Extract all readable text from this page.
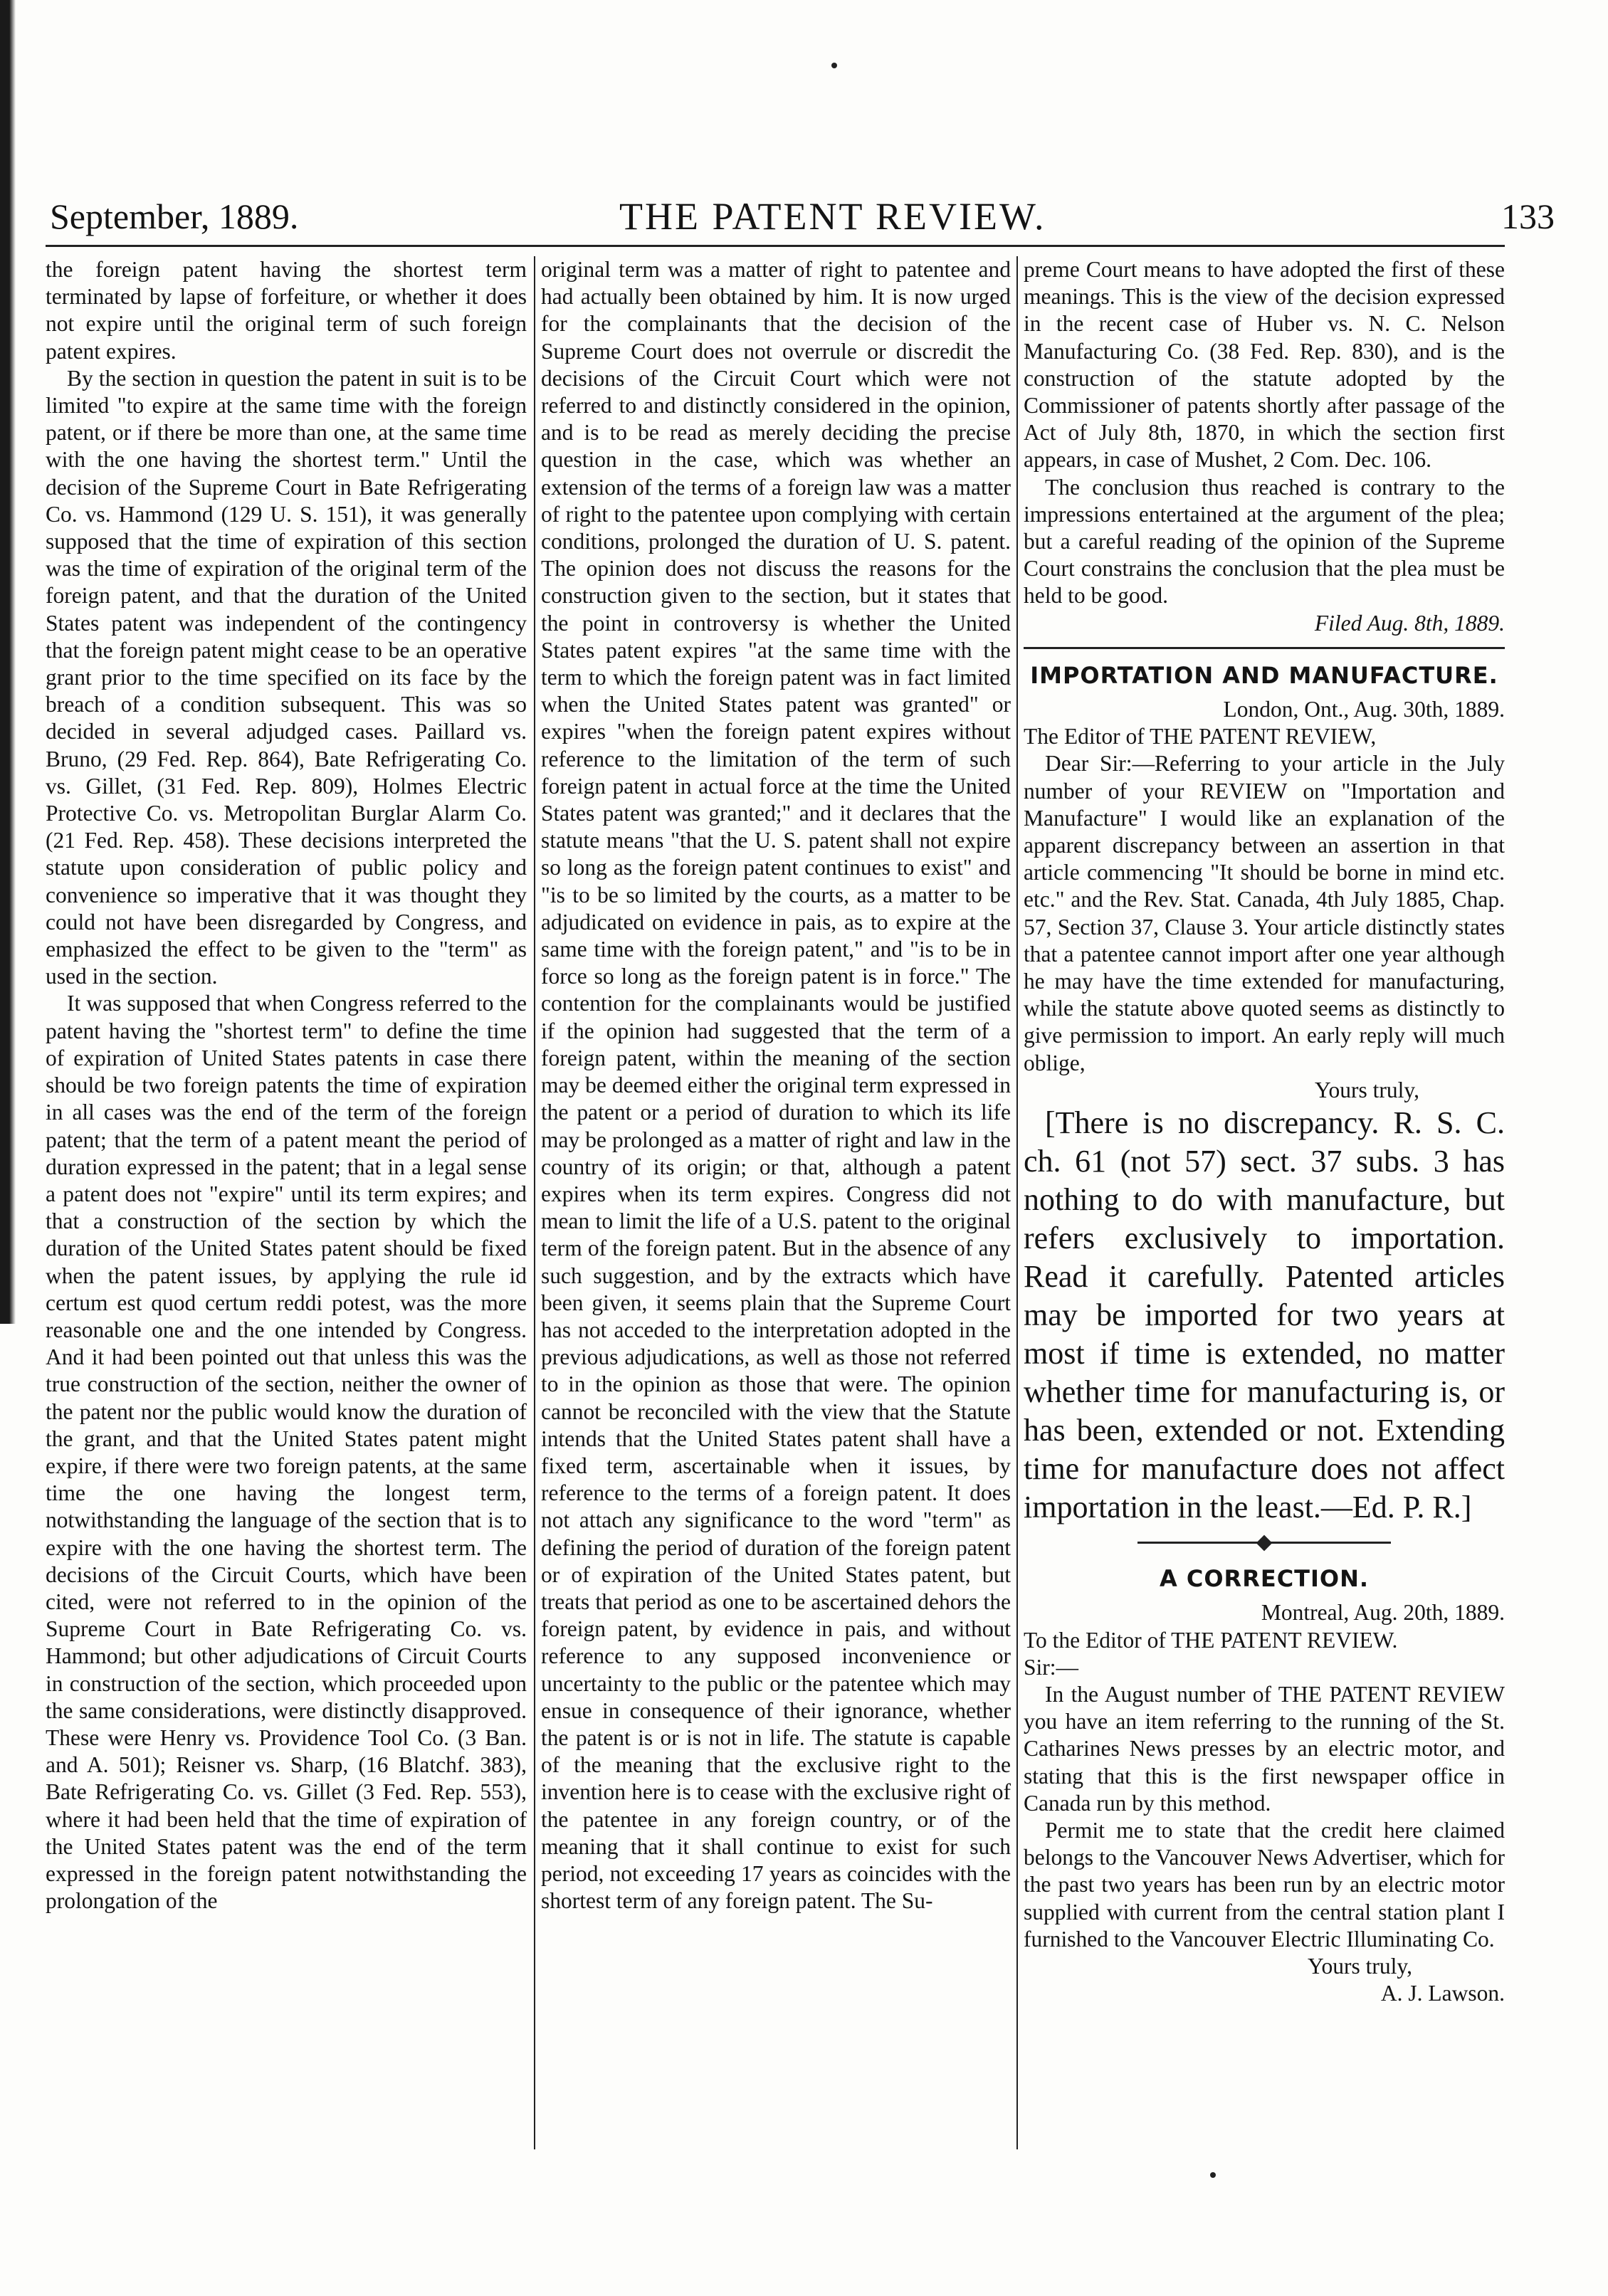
September, 1889.	THE PATENT REVIEW.	133

the foreign patent having the shortest term terminated by lapse of forfeiture, or whether it does not expire until the original term of such foreign patent expires.

By the section in question the patent in suit is to be limited "to expire at the same time with the foreign patent, or if there be more than one, at the same time with the one having the shortest term." Until the decision of the Supreme Court in Bate Refrigerating Co. vs. Hammond (129 U. S. 151), it was generally supposed that the time of expiration of this section was the time of expiration of the original term of the foreign patent, and that the duration of the United States patent was independent of the contingency that the foreign patent might cease to be an operative grant prior to the time specified on its face by the breach of a condition subsequent. This was so decided in several adjudged cases. Paillard vs. Bruno, (29 Fed. Rep. 864), Bate Refrigerating Co. vs. Gillet, (31 Fed. Rep. 809), Holmes Electric Protective Co. vs. Metropolitan Burglar Alarm Co. (21 Fed. Rep. 458). These decisions interpreted the statute upon consideration of public policy and convenience so imperative that it was thought they could not have been disregarded by Congress, and emphasized the effect to be given to the "term" as used in the section.

It was supposed that when Congress referred to the patent having the "shortest term" to define the time of expiration of United States patents in case there should be two foreign patents the time of expiration in all cases was the end of the term of the foreign patent; that the term of a patent meant the period of duration expressed in the patent; that in a legal sense a patent does not "expire" until its term expires; and that a construction of the section by which the duration of the United States patent should be fixed when the patent issues, by applying the rule id certum est quod certum reddi potest, was the more reasonable one and the one intended by Congress. And it had been pointed out that unless this was the true construction of the section, neither the owner of the patent nor the public would know the duration of the grant, and that the United States patent might expire, if there were two foreign patents, at the same time the one having the longest term, notwithstanding the language of the section that is to expire with the one having the shortest term. The decisions of the Circuit Courts, which have been cited, were not referred to in the opinion of the Supreme Court in Bate Refrigerating Co. vs. Hammond; but other adjudications of Circuit Courts in construction of the section, which proceeded upon the same considerations, were distinctly disapproved. These were Henry vs. Providence Tool Co. (3 Ban. and A. 501); Reisner vs. Sharp, (16 Blatchf. 383), Bate Refrigerating Co. vs. Gillet (3 Fed. Rep. 553), where it had been held that the time of expiration of the United States patent was the end of the term expressed in the foreign patent notwithstanding the prolongation of the

original term was a matter of right to patentee and had actually been obtained by him. It is now urged for the complainants that the decision of the Supreme Court does not overrule or discredit the decisions of the Circuit Court which were not referred to and distinctly considered in the opinion, and is to be read as merely deciding the precise question in the case, which was whether an extension of the terms of a foreign law was a matter of right to the patentee upon complying with certain conditions, prolonged the duration of U. S. patent. The opinion does not discuss the reasons for the construction given to the section, but it states that the point in controversy is whether the United States patent expires "at the same time with the term to which the foreign patent was in fact limited when the United States patent was granted" or expires "when the foreign patent expires without reference to the limitation of the term of such foreign patent in actual force at the time the United States patent was granted;" and it declares that the statute means "that the U. S. patent shall not expire so long as the foreign patent continues to exist" and "is to be so limited by the courts, as a matter to be adjudicated on evidence in pais, as to expire at the same time with the foreign patent," and "is to be in force so long as the foreign patent is in force." The contention for the complainants would be justified if the opinion had suggested that the term of a foreign patent, within the meaning of the section may be deemed either the original term expressed in the patent or a period of duration to which its life may be prolonged as a matter of right and law in the country of its origin; or that, although a patent expires when its term expires. Congress did not mean to limit the life of a U.S. patent to the original term of the foreign patent. But in the absence of any such suggestion, and by the extracts which have been given, it seems plain that the Supreme Court has not acceded to the interpretation adopted in the previous adjudications, as well as those not referred to in the opinion as those that were. The opinion cannot be reconciled with the view that the Statute intends that the United States patent shall have a fixed term, ascertainable when it issues, by reference to the terms of a foreign patent. It does not attach any significance to the word "term" as defining the period of duration of the foreign patent or of expiration of the United States patent, but treats that period as one to be ascertained dehors the foreign patent, by evidence in pais, and without reference to any supposed inconvenience or uncertainty to the public or the patentee which may ensue in consequence of their ignorance, whether the patent is or is not in life. The statute is capable of the meaning that the exclusive right to the invention here is to cease with the exclusive right of the patentee in any foreign country, or of the meaning that it shall continue to exist for such period, not exceeding 17 years as coincides with the shortest term of any foreign patent. The Su-

preme Court means to have adopted the first of these meanings. This is the view of the decision expressed in the recent case of Huber vs. N. C. Nelson Manufacturing Co. (38 Fed. Rep. 830), and is the construction of the statute adopted by the Commissioner of patents shortly after passage of the Act of July 8th, 1870, in which the section first appears, in case of Mushet, 2 Com. Dec. 106.

The conclusion thus reached is contrary to the impressions entertained at the argument of the plea; but a careful reading of the opinion of the Supreme Court constrains the conclusion that the plea must be held to be good.

Filed Aug. 8th, 1889.

IMPORTATION AND MANUFACTURE.

London, Ont., Aug. 30th, 1889.

The Editor of THE PATENT REVIEW,

Dear Sir:—Referring to your article in the July number of your REVIEW on "Importation and Manufacture" I would like an explanation of the apparent discrepancy between an assertion in that article commencing "It should be borne in mind etc. etc." and the Rev. Stat. Canada, 4th July 1885, Chap. 57, Section 37, Clause 3. Your article distinctly states that a patentee cannot import after one year although he may have the time extended for manufacturing, while the statute above quoted seems as distinctly to give permission to import. An early reply will much oblige,

Yours truly,

[There is no discrepancy. R. S. C. ch. 61 (not 57) sect. 37 subs. 3 has nothing to do with manufacture, but refers exclusively to importation. Read it carefully. Patented articles may be imported for two years at most if time is extended, no matter whether time for manufacturing is, or has been, extended or not. Extending time for manufacture does not affect importation in the least.—Ed. P. R.]

A CORRECTION.

Montreal, Aug. 20th, 1889.

To the Editor of THE PATENT REVIEW.

Sir:—

In the August number of THE PATENT REVIEW you have an item referring to the running of the St. Catharines News presses by an electric motor, and stating that this is the first newspaper office in Canada run by this method.

Permit me to state that the credit here claimed belongs to the Vancouver News Advertiser, which for the past two years has been run by an electric motor supplied with current from the central station plant I furnished to the Vancouver Electric Illuminating Co.

Yours truly,

A. J. Lawson.
